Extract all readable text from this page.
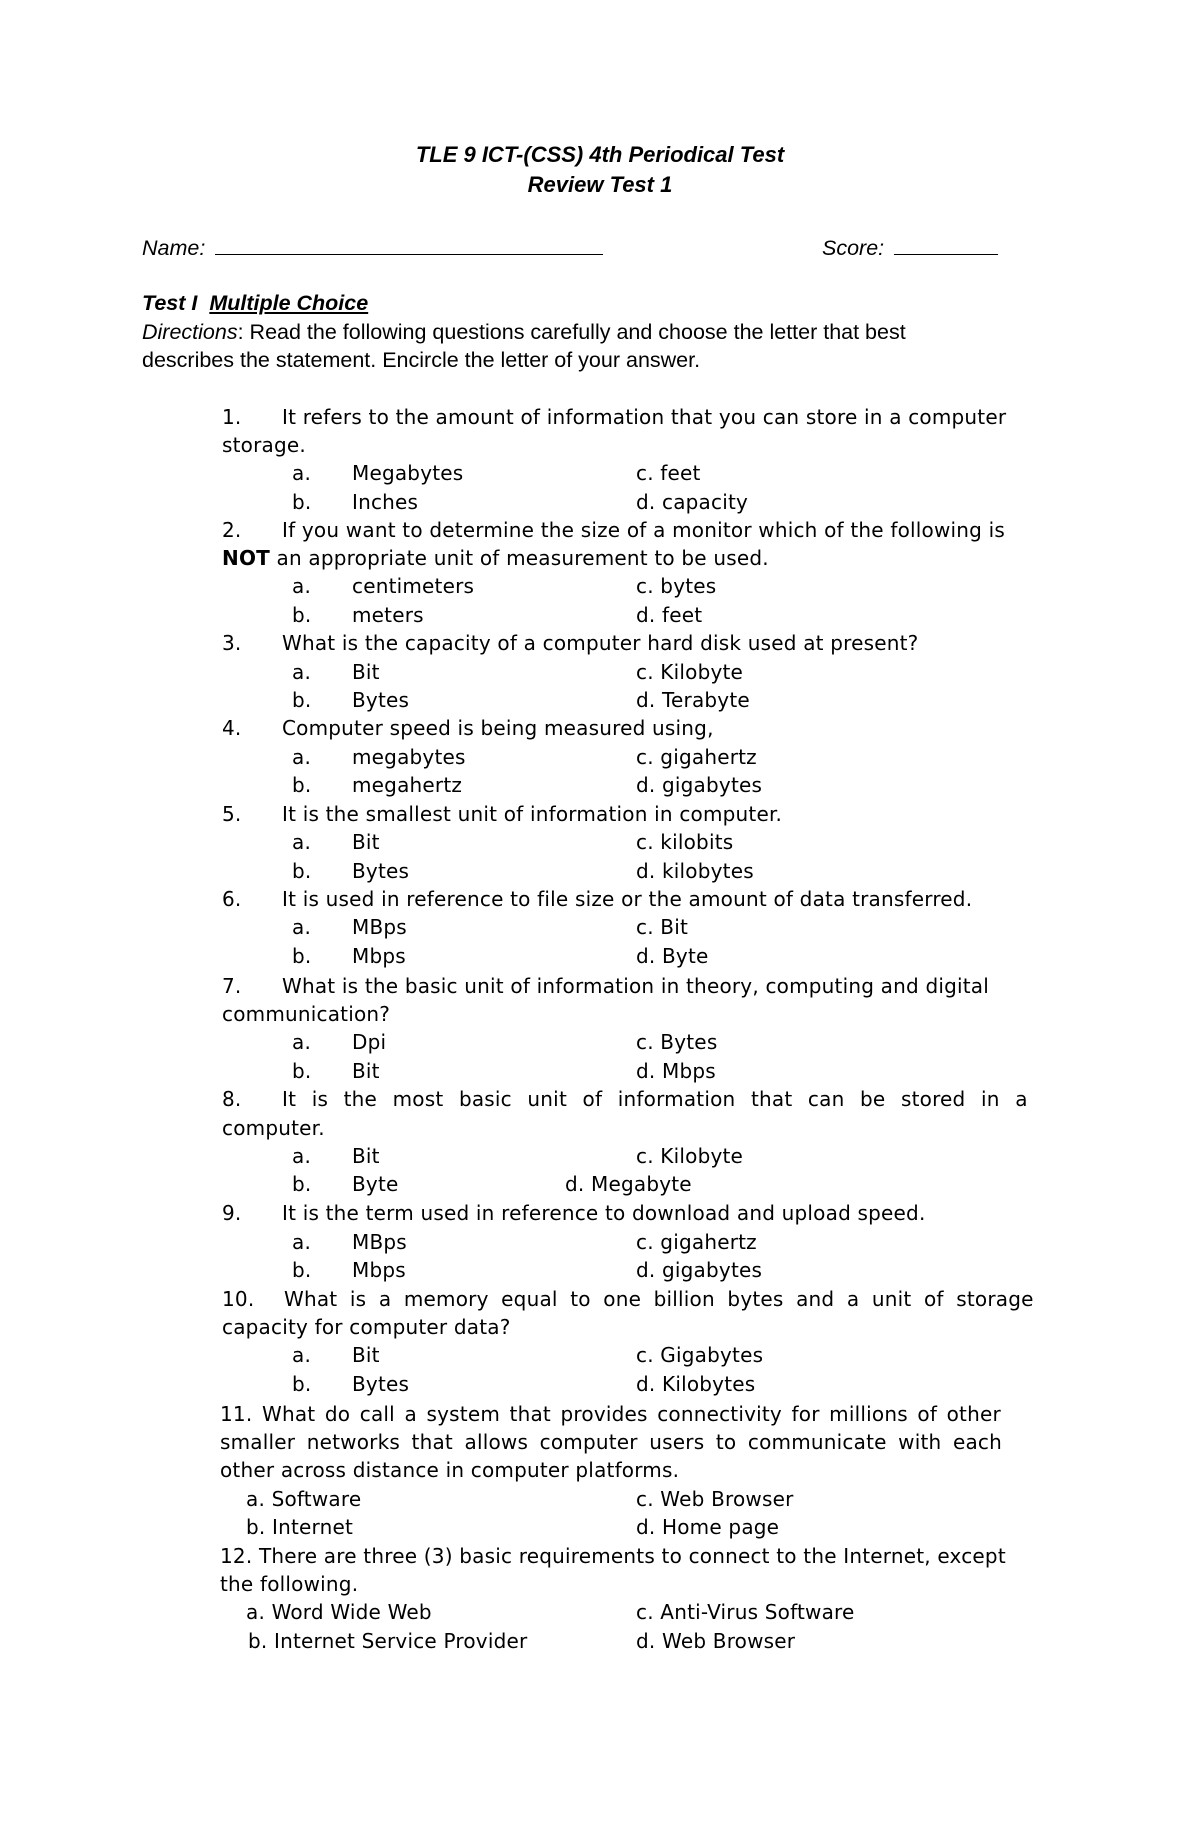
TLE 9 ICT-(CSS) 4th Periodical Test
Review Test 1
Name:	Score:
Test I Multiple Choice
Directions: Read the following questions carefully and choose the letter that best
describes the statement. Encircle the letter of your answer.
1. It refers to the amount of information that you can store in a computer
storage.
a. Megabytes	c. feet
b. Inches	d. capacity
2. If you want to determine the size of a monitor which of the following is
NOT an appropriate unit of measurement to be used.
a. centimeters	c. bytes
b. meters	d. feet
3. What is the capacity of a computer hard disk used at present?
a. Bit	c. Kilobyte
b. Bytes	d. Terabyte
4. Computer speed is being measured using,
a. megabytes	c. gigahertz
b. megahertz	d. gigabytes
5. It is the smallest unit of information in computer.
a. Bit	c. kilobits
b. Bytes	d. kilobytes
6. It is used in reference to file size or the amount of data transferred.
a. MBps	c. Bit
b. Mbps	d. Byte
7. What is the basic unit of information in theory, computing and digital
communication?
a. Dpi	c. Bytes
b. Bit	d. Mbps
8. It is the most basic unit of information that can be stored in a
computer.
a. Bit	c. Kilobyte
b. Byte	d. Megabyte
9. It is the term used in reference to download and upload speed.
a. MBps	c. gigahertz
b. Mbps	d. gigabytes
10. What is a memory equal to one billion bytes and a unit of storage
capacity for computer data?
a. Bit	c. Gigabytes
b. Bytes	d. Kilobytes
11. What do call a system that provides connectivity for millions of other
smaller networks that allows computer users to communicate with each
other across distance in computer platforms.
a. Software	c. Web Browser
b. Internet	d. Home page
12. There are three (3) basic requirements to connect to the Internet, except
the following.
a. Word Wide Web	c. Anti-Virus Software
b. Internet Service Provider	d. Web Browser
